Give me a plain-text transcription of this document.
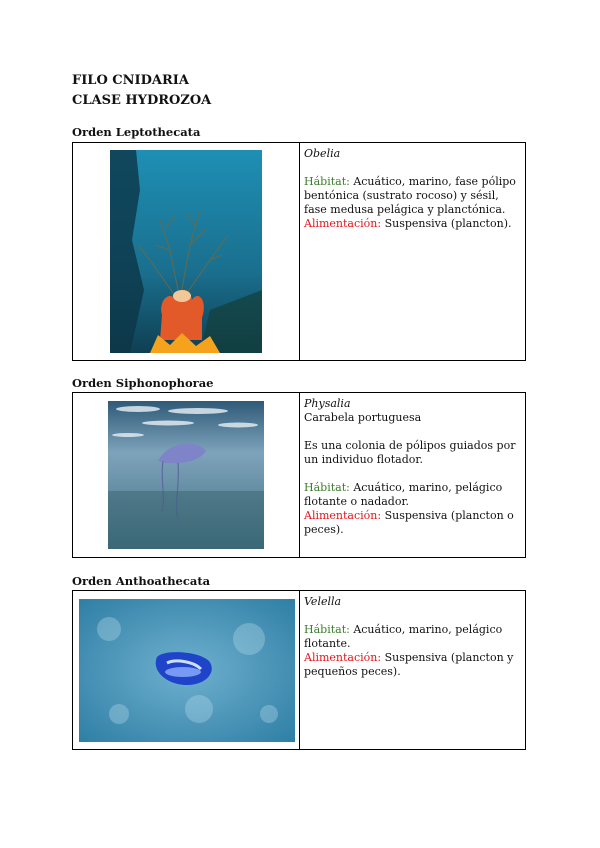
FILO CNIDARIA
CLASE HYDROZOA
Orden Leptothecata

Obelia
Hábitat: Acuático, marino, fase pólipo bentónica (sustrato rocoso) y sésil, fase medusa pelágica y planctónica.
Alimentación: Suspensiva (plancton).
Orden Siphonophorae

Physalia
Carabela portuguesa
Es una colonia de pólipos guiados por un individuo flotador.
Hábitat: Acuático, marino, pelágico flotante o nadador.
Alimentación: Suspensiva (plancton o peces).
Orden Anthoathecata

Velella
Hábitat: Acuático, marino, pelágico flotante.
Alimentación: Suspensiva (plancton y pequeños peces).
